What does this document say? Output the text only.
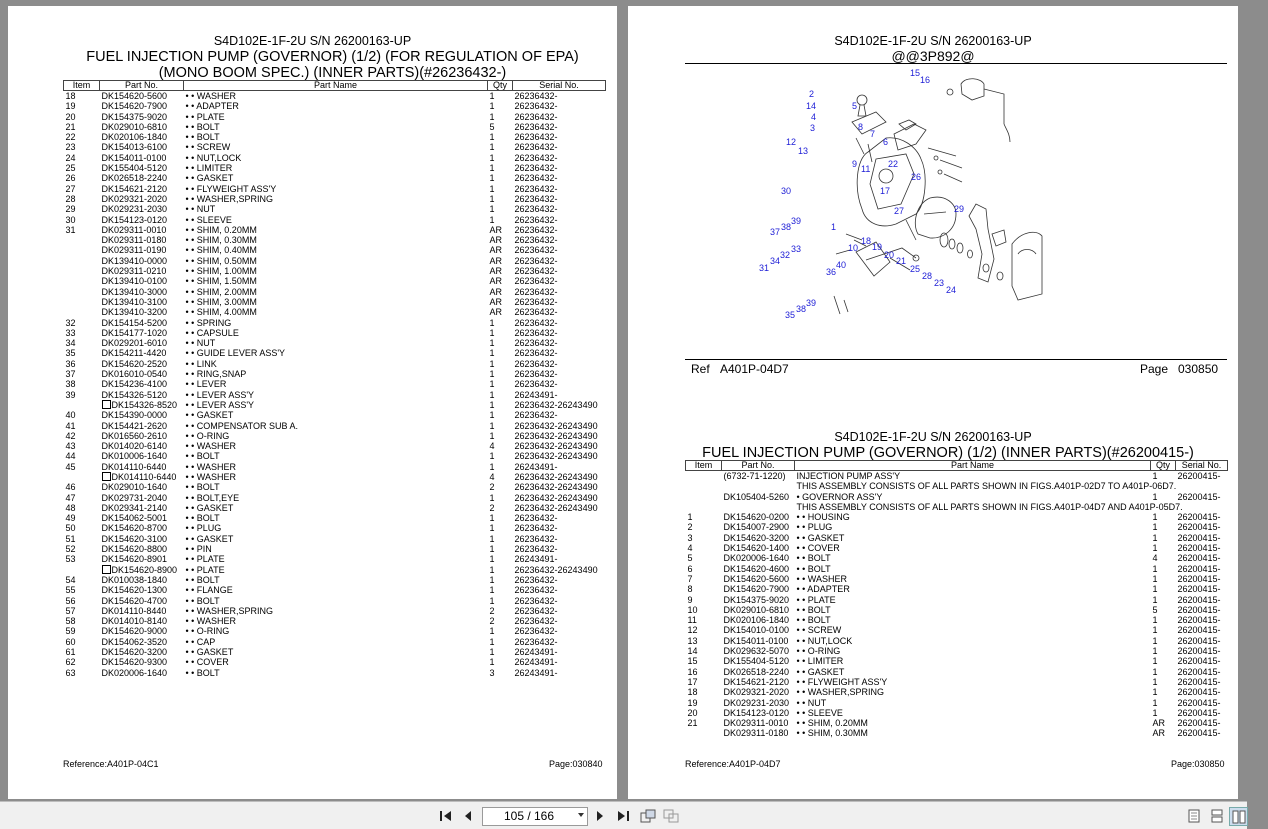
S4D102E-1F-2U S/N 26200163-UP
FUEL INJECTION PUMP (GOVERNOR) (1/2) (FOR REGULATION OF EPA)
(MONO BOOM SPEC.) (INNER PARTS)(#26236432-)
Item	Part No.	Part Name	Qty	Serial No.
18	DK154620-5600	• • WASHER	1	26236432-
19	DK154620-7900	• • ADAPTER	1	26236432-
20	DK154375-9020	• • PLATE	1	26236432-
21	DK029010-6810	• • BOLT	5	26236432-
22	DK020106-1840	• • BOLT	1	26236432-
23	DK154013-6100	• • SCREW	1	26236432-
24	DK154011-0100	• • NUT,LOCK	1	26236432-
25	DK155404-5120	• • LIMITER	1	26236432-
26	DK026518-2240	• • GASKET	1	26236432-
27	DK154621-2120	• • FLYWEIGHT ASS'Y	1	26236432-
28	DK029321-2020	• • WASHER,SPRING	1	26236432-
29	DK029231-2030	• • NUT	1	26236432-
30	DK154123-0120	• • SLEEVE	1	26236432-
31	DK029311-0010	• • SHIM, 0.20MM	AR	26236432-
	DK029311-0180	• • SHIM, 0.30MM	AR	26236432-
	DK029311-0190	• • SHIM, 0.40MM	AR	26236432-
	DK139410-0000	• • SHIM, 0.50MM	AR	26236432-
	DK029311-0210	• • SHIM, 1.00MM	AR	26236432-
	DK139410-0100	• • SHIM, 1.50MM	AR	26236432-
	DK139410-3000	• • SHIM, 2.00MM	AR	26236432-
	DK139410-3100	• • SHIM, 3.00MM	AR	26236432-
	DK139410-3200	• • SHIM, 4.00MM	AR	26236432-
32	DK154154-5200	• • SPRING	1	26236432-
33	DK154177-1020	• • CAPSULE	1	26236432-
34	DK029201-6010	• • NUT	1	26236432-
35	DK154211-4420	• • GUIDE LEVER ASS'Y	1	26236432-
36	DK154620-2520	• • LINK	1	26236432-
37	DK016010-0540	• • RING,SNAP	1	26236432-
38	DK154236-4100	• • LEVER	1	26236432-
39	DK154326-5120	• • LEVER ASS'Y	1	26243491-
	DK154326-8520	• • LEVER ASS'Y	1	26236432-26243490
40	DK154390-0000	• • GASKET	1	26236432-
41	DK154421-2620	• • COMPENSATOR SUB A.	1	26236432-26243490
42	DK016560-2610	• • O-RING	1	26236432-26243490
43	DK014020-6140	• • WASHER	4	26236432-26243490
44	DK010006-1640	• • BOLT	1	26236432-26243490
45	DK014110-6440	• • WASHER	1	26243491-
	DK014110-6440	• • WASHER	4	26236432-26243490
46	DK029010-1640	• • BOLT	2	26236432-26243490
47	DK029731-2040	• • BOLT,EYE	1	26236432-26243490
48	DK029341-2140	• • GASKET	2	26236432-26243490
49	DK154062-5001	• • BOLT	1	26236432-
50	DK154620-8700	• • PLUG	1	26236432-
51	DK154620-3100	• • GASKET	1	26236432-
52	DK154620-8800	• • PIN	1	26236432-
53	DK154620-8901	• • PLATE	1	26243491-
	DK154620-8900	• • PLATE	1	26236432-26243490
54	DK010038-1840	• • BOLT	1	26236432-
55	DK154620-1300	• • FLANGE	1	26236432-
56	DK154620-4700	• • BOLT	1	26236432-
57	DK014110-8440	• • WASHER,SPRING	2	26236432-
58	DK014010-8140	• • WASHER	2	26236432-
59	DK154620-9000	• • O-RING	1	26236432-
60	DK154062-3520	• • CAP	1	26236432-
61	DK154620-3200	• • GASKET	1	26243491-
62	DK154620-9300	• • COVER	1	26243491-
63	DK020006-1640	• • BOLT	3	26243491-
Reference:A401P-04C1	Page:030840
S4D102E-1F-2U S/N 26200163-UP
@@3P892@
2
14
4
3
5
15
16
8
7
6
9 11 22
12
13
30	17
26
27	29
1
38
39
37
33
32
34
31	36
10
18
19
20
40	21
25
28
23
24
39
38
35
Ref A401P-04D7	Page 030850
S4D102E-1F-2U S/N 26200163-UP
FUEL INJECTION PUMP (GOVERNOR) (1/2) (INNER PARTS)(#26200415-)
Item	Part No.	Part Name	Qty	Serial No.
	(6732-71-1220)	INJECTION PUMP ASS'Y	1	26200415-
		THIS ASSEMBLY CONSISTS OF ALL PARTS SHOWN IN FIGS.A401P-02D7 TO A401P-06D7.		
	DK105404-5260	• GOVERNOR ASS'Y	1	26200415-
		THIS ASSEMBLY CONSISTS OF ALL PARTS SHOWN IN FIGS.A401P-04D7 AND A401P-05D7.		
1	DK154620-0200	• • HOUSING	1	26200415-
2	DK154007-2900	• • PLUG	1	26200415-
3	DK154620-3200	• • GASKET	1	26200415-
4	DK154620-1400	• • COVER	1	26200415-
5	DK020006-1640	• • BOLT	4	26200415-
6	DK154620-4600	• • BOLT	1	26200415-
7	DK154620-5600	• • WASHER	1	26200415-
8	DK154620-7900	• • ADAPTER	1	26200415-
9	DK154375-9020	• • PLATE	1	26200415-
10	DK029010-6810	• • BOLT	5	26200415-
11	DK020106-1840	• • BOLT	1	26200415-
12	DK154010-0100	• • SCREW	1	26200415-
13	DK154011-0100	• • NUT,LOCK	1	26200415-
14	DK029632-5070	• • O-RING	1	26200415-
15	DK155404-5120	• • LIMITER	1	26200415-
16	DK026518-2240	• • GASKET	1	26200415-
17	DK154621-2120	• • FLYWEIGHT ASS'Y	1	26200415-
18	DK029321-2020	• • WASHER,SPRING	1	26200415-
19	DK029231-2030	• • NUT	1	26200415-
20	DK154123-0120	• • SLEEVE	1	26200415-
21	DK029311-0010	• • SHIM, 0.20MM	AR	26200415-
	DK029311-0180	• • SHIM, 0.30MM	AR	26200415-
Reference:A401P-04D7	Page:030850
105 / 166
